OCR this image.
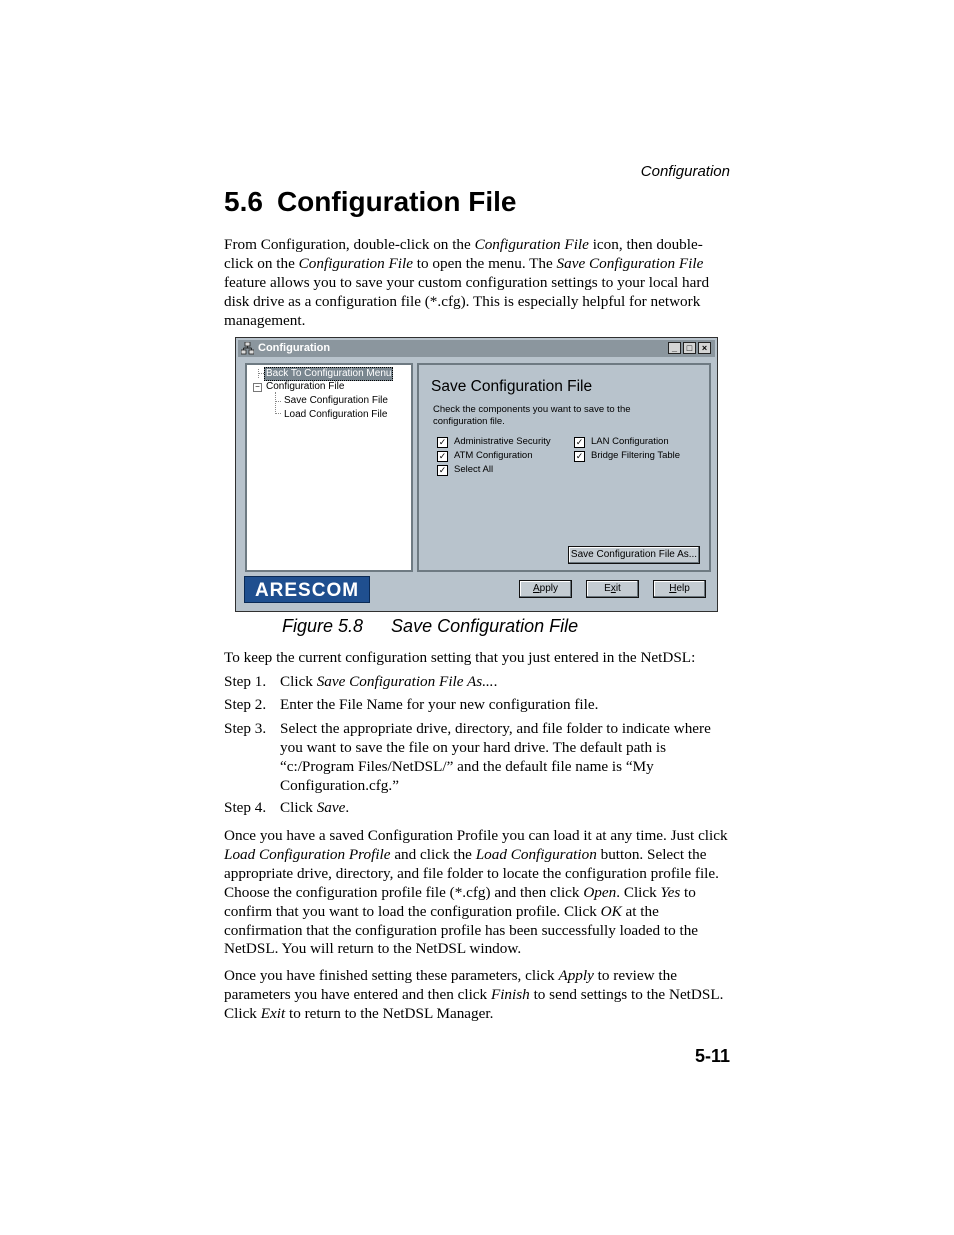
Configuration
5.6 Configuration File

From Configuration, double-click on the Configuration File icon, then double-click on the Configuration File to open the menu. The Save Configuration File feature allows you to save your custom configuration settings to your local hard disk drive as a configuration file (*.cfg). This is especially helpful for network management.

Configuration	_	□	×
Back To Configuration Menu
− Configuration File
Save Configuration File
Load Configuration File
Save Configuration File
Check the components you want to save to the configuration file.
✓ Administrative Security
✓ ATM Configuration
✓ Select All
✓ LAN Configuration
✓ Bridge Filtering Table
Save Configuration File As...
ARESCOM	Apply	Exit	Help
Figure 5.8 Save Configuration File

To keep the current configuration setting that you just entered in the NetDSL:

Step 1. Click Save Configuration File As....
Step 2. Enter the File Name for your new configuration file.
Step 3. Select the appropriate drive, directory, and file folder to indicate where you want to save the file on your hard drive. The default path is “c:/Program Files/NetDSL/” and the default file name is “My Configuration.cfg.”
Step 4. Click Save.

Once you have a saved Configuration Profile you can load it at any time. Just click Load Configuration Profile and click the Load Configuration button. Select the appropriate drive, directory, and file folder to locate the configuration profile file. Choose the configuration profile file (*.cfg) and then click Open. Click Yes to confirm that you want to load the configuration profile. Click OK at the confirmation that the configuration profile has been successfully loaded to the NetDSL. You will return to the NetDSL window.

Once you have finished setting these parameters, click Apply to review the parameters you have entered and then click Finish to send settings to the NetDSL. Click Exit to return to the NetDSL Manager.

5-11
